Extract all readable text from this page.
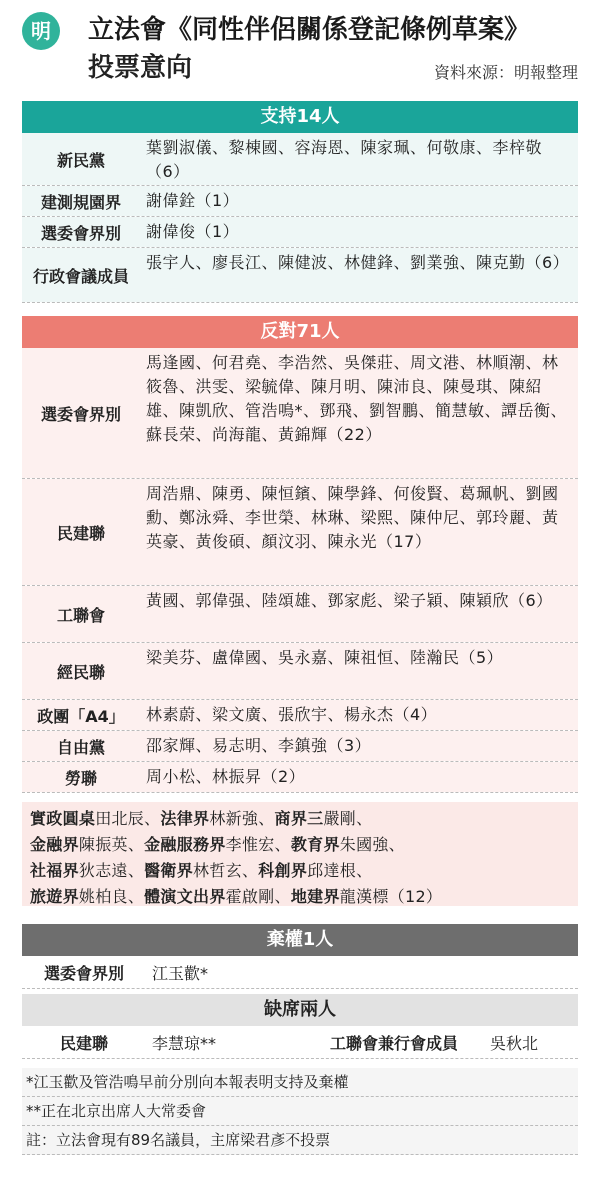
明	立法會《同性伴侶關係登記條例草案》
投票意向	資料來源：明報整理
支持14人
新民黨
葉劉淑儀、黎棟國、容海恩、陳家珮、何敬康、李梓敬（6）
建測規園界	謝偉銓（1）
選委會界別	謝偉俊（1）
行政會議成員
張宇人、廖長江、陳健波、林健鋒、劉業強、陳克勤（6）
反對71人
選委會界別
馬逢國、何君堯、李浩然、吳傑莊、周文港、林順潮、林筱魯、洪雯、梁毓偉、陳月明、陳沛良、陳曼琪、陳紹雄、陳凱欣、管浩鳴*、鄧飛、劉智鵬、簡慧敏、譚岳衡、蘇長荣、尚海龍、黃錦輝（22）
民建聯
周浩鼎、陳勇、陳恒鑌、陳學鋒、何俊賢、葛珮帆、劉國勳、鄭泳舜、李世榮、林琳、梁熙、陳仲尼、郭玲麗、黃英豪、黃俊碩、顏汶羽、陳永光（17）
工聯會
黃國、郭偉强、陸頌雄、鄧家彪、梁子穎、陳穎欣（6）
經民聯
梁美芬、盧偉國、吳永嘉、陳祖恒、陸瀚民（5）
政團「A4」	林素蔚、梁文廣、張欣宇、楊永杰（4）
自由黨	邵家輝、易志明、李鎮強（3）
勞聯	周小松、林振昇（2）
實政圓桌田北辰、法律界林新強、商界三嚴剛、
金融界陳振英、金融服務界李惟宏、教育界朱國強、
社福界狄志遠、醫衛界林哲玄、科創界邱達根、
旅遊界姚柏良、體演文出界霍啟剛、地建界龍漢標（12）
棄權1人
選委會界別	江玉歡*
缺席兩人
民建聯	李慧琼**	工聯會兼行會成員	吳秋北
*江玉歡及管浩鳴早前分別向本報表明支持及棄權
**正在北京出席人大常委會
註：立法會現有89名議員，主席梁君彥不投票
